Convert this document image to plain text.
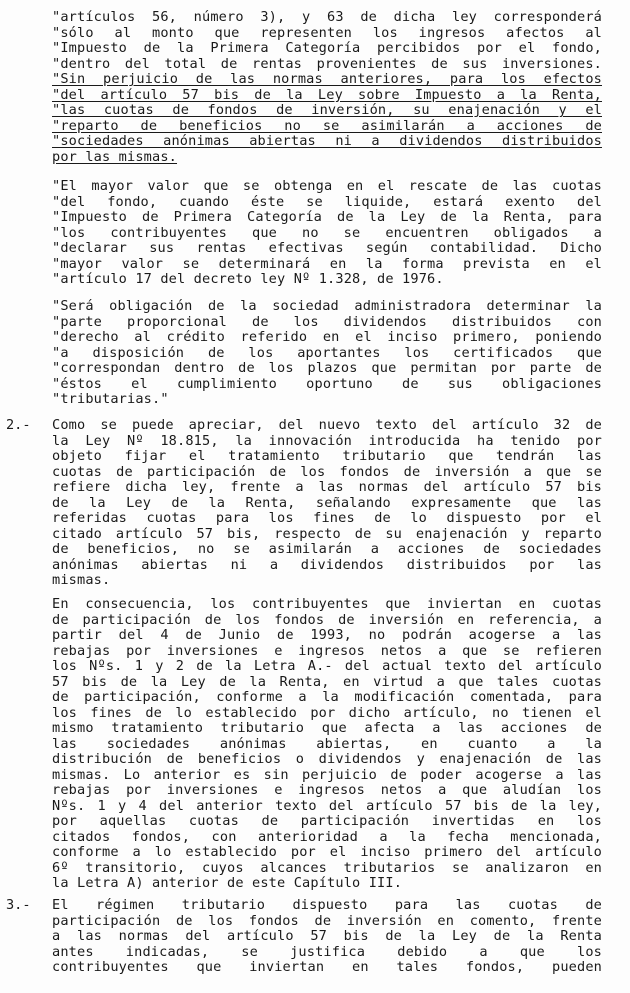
"artículos 56, número 3), y 63 de dicha ley corresponderá
"sólo al monto que representen los ingresos afectos al
"Impuesto de la Primera Categoría percibidos por el fondo,
"dentro del total de rentas provenientes de sus inversiones.
"Sin perjuicio de las normas anteriores, para los efectos
"del artículo 57 bis de la Ley sobre Impuesto a la Renta,
"las cuotas de fondos de inversión, su enajenación y el
"reparto de beneficios no se asimilarán a acciones de
"sociedades anónimas abiertas ni a dividendos distribuidos
por las mismas.
"El mayor valor que se obtenga en el rescate de las cuotas
"del fondo, cuando éste se liquide, estará exento del
"Impuesto de Primera Categoría de la Ley de la Renta, para
"los contribuyentes que no se encuentren obligados a
"declarar sus rentas efectivas según contabilidad. Dicho
"mayor valor se determinará en la forma prevista en el
"artículo 17 del decreto ley Nº 1.328, de 1976.
"Será obligación de la sociedad administradora determinar la
"parte proporcional de los dividendos distribuidos con
"derecho al crédito referido en el inciso primero, poniendo
"a disposición de los aportantes los certificados que
"correspondan dentro de los plazos que permitan por parte de
"éstos el cumplimiento oportuno de sus obligaciones
"tributarias."
2.- Como se puede apreciar, del nuevo texto del artículo 32 de
la Ley Nº 18.815, la innovación introducida ha tenido por
objeto fijar el tratamiento tributario que tendrán las
cuotas de participación de los fondos de inversión a que se
refiere dicha ley, frente a las normas del artículo 57 bis
de la Ley de la Renta, señalando expresamente que las
referidas cuotas para los fines de lo dispuesto por el
citado artículo 57 bis, respecto de su enajenación y reparto
de beneficios, no se asimilarán a acciones de sociedades
anónimas abiertas ni a dividendos distribuidos por las
mismas.
En consecuencia, los contribuyentes que inviertan en cuotas
de participación de los fondos de inversión en referencia, a
partir del 4 de Junio de 1993, no podrán acogerse a las
rebajas por inversiones e ingresos netos a que se refieren
los Nºs. 1 y 2 de la Letra A.- del actual texto del artículo
57 bis de la Ley de la Renta, en virtud a que tales cuotas
de participación, conforme a la modificación comentada, para
los fines de lo establecido por dicho artículo, no tienen el
mismo tratamiento tributario que afecta a las acciones de
las sociedades anónimas abiertas, en cuanto a la
distribución de beneficios o dividendos y enajenación de las
mismas. Lo anterior es sin perjuicio de poder acogerse a las
rebajas por inversiones e ingresos netos a que aludían los
Nºs. 1 y 4 del anterior texto del artículo 57 bis de la ley,
por aquellas cuotas de participación invertidas en los
citados fondos, con anterioridad a la fecha mencionada,
conforme a lo establecido por el inciso primero del artículo
6º transitorio, cuyos alcances tributarios se analizaron en
la Letra A) anterior de este Capítulo III.
3.- El régimen tributario dispuesto para las cuotas de
participación de los fondos de inversión en comento, frente
a las normas del artículo 57 bis de la Ley de la Renta
antes indicadas, se justifica debido a que los
contribuyentes que inviertan en tales fondos, pueden
